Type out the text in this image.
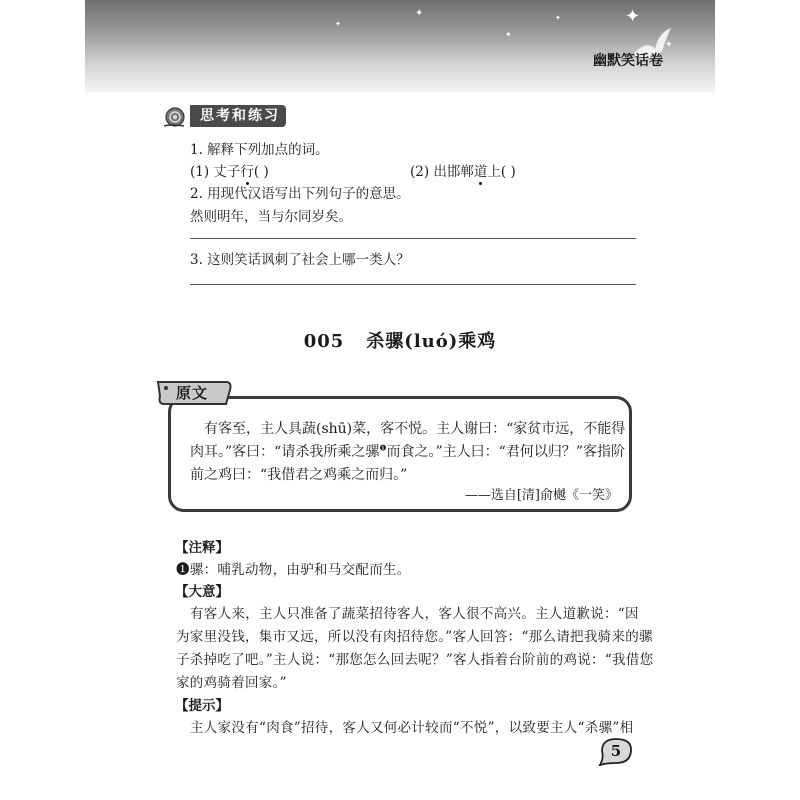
✦
✦
✦
✦
✦
✦
幽默笑话卷
思考和练习
1. 解释下列加点的词。
(1) 丈子行( )	(2) 出邯郸道上( )
2. 用现代汉语写出下列句子的意思。
然则明年，当与尔同岁矣。
3. 这则笑话讽刺了社会上哪一类人？
005 杀骡(luó)乘鸡
原文
有客至，主人具蔬(shū)菜，客不悦。主人谢曰：“家贫市远，不能得
肉耳。”客曰：“请杀我所乘之骡$^❶$而食之。”主人曰：“君何以归？”客指阶
前之鸡曰：“我借君之鸡乘之而归。”
——选自[清]俞樾《一笑》
【注释】
❶骡：哺乳动物，由驴和马交配而生。
【大意】
有客人来，主人只准备了蔬菜招待客人，客人很不高兴。主人道歉说：“因
为家里没钱，集市又远，所以没有肉招待您。”客人回答：“那么请把我骑来的骡
子杀掉吃了吧。”主人说：“那您怎么回去呢？”客人指着台阶前的鸡说：“我借您
家的鸡骑着回家。”
【提示】
主人家没有“肉食”招待，客人又何必计较而“不悦”，以致要主人“杀骡”相
5
